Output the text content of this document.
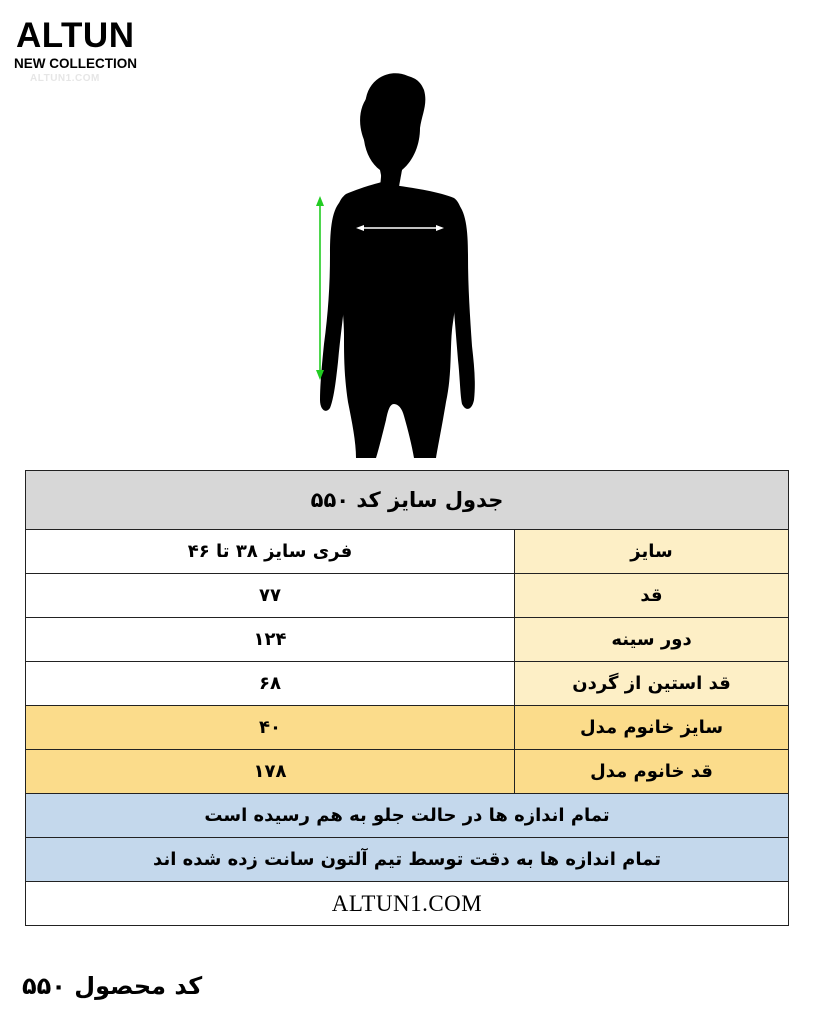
ALTUN
NEW COLLECTION
ALTUN1.COM
جدول سایز کد ۵۵۰	
فری سایز ۳۸ تا ۴۶	سایز
۷۷	قد
۱۲۴	دور سینه
۶۸	قد استین از گردن
۴۰	سایز خانوم مدل
۱۷۸	قد خانوم مدل
تمام اندازه ها در حالت جلو به هم رسیده است	
تمام اندازه ها به دقت توسط تیم آلتون سانت زده شده اند	
ALTUN1.COM	
کد محصول ۵۵۰
